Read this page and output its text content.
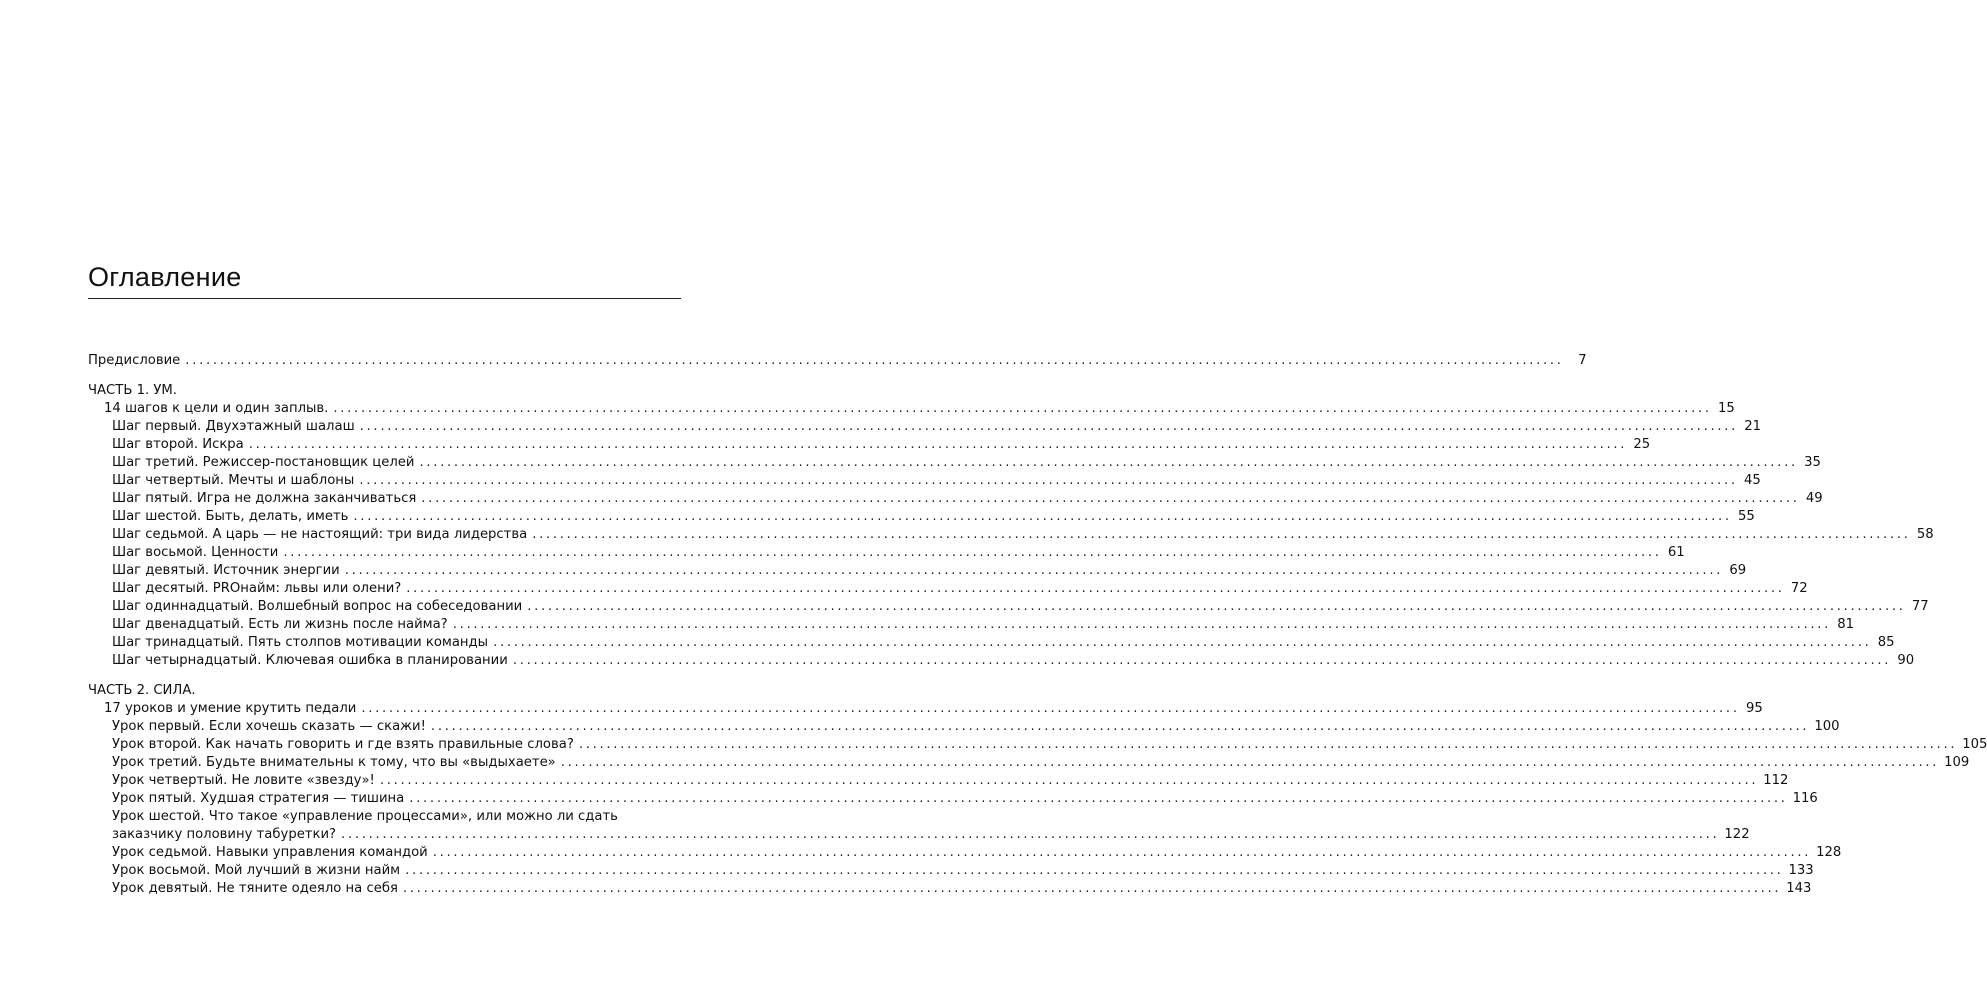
Оглавление
Предисловие ........................................................................................................................................................................................................	7
ЧАСТЬ 1. УМ.
14 шагов к цели и один заплыв. ........................................................................................................................................................................................................ 15
Шаг первый. Двухэтажный шалаш ........................................................................................................................................................................................................ 21
Шаг второй. Искра ........................................................................................................................................................................................................ 25
Шаг третий. Режиссер-постановщик целей ........................................................................................................................................................................................................ 35
Шаг четвертый. Мечты и шаблоны ........................................................................................................................................................................................................ 45
Шаг пятый. Игра не должна заканчиваться ........................................................................................................................................................................................................ 49
Шаг шестой. Быть, делать, иметь ........................................................................................................................................................................................................ 55
Шаг седьмой. А царь — не настоящий: три вида лидерства ........................................................................................................................................................................................................ 58
Шаг восьмой. Ценности ........................................................................................................................................................................................................ 61
Шаг девятый. Источник энергии ........................................................................................................................................................................................................ 69
Шаг десятый. PROнайм: львы или олени? ........................................................................................................................................................................................................ 72
Шаг одиннадцатый. Волшебный вопрос на собеседовании ........................................................................................................................................................................................................ 77
Шаг двенадцатый. Есть ли жизнь после найма? ........................................................................................................................................................................................................ 81
Шаг тринадцатый. Пять столпов мотивации команды ........................................................................................................................................................................................................ 85
Шаг четырнадцатый. Ключевая ошибка в планировании ........................................................................................................................................................................................................ 90
ЧАСТЬ 2. СИЛА.
17 уроков и умение крутить педали ........................................................................................................................................................................................................ 95
Урок первый. Если хочешь сказать — скажи! ........................................................................................................................................................................................................ 100
Урок второй. Как начать говорить и где взять правильные слова? ........................................................................................................................................................................................................ 105
Урок третий. Будьте внимательны к тому, что вы «выдыхаете» ........................................................................................................................................................................................................ 109
Урок четвертый. Не ловите «звезду»! ........................................................................................................................................................................................................ 112
Урок пятый. Худшая стратегия — тишина ........................................................................................................................................................................................................ 116
Урок шестой. Что такое «управление процессами», или можно ли сдать
заказчику половину табуретки? ........................................................................................................................................................................................................ 122
Урок седьмой. Навыки управления командой ........................................................................................................................................................................................................ 128
Урок восьмой. Мой лучший в жизни найм ........................................................................................................................................................................................................ 133
Урок девятый. Не тяните одеяло на себя ........................................................................................................................................................................................................ 143
